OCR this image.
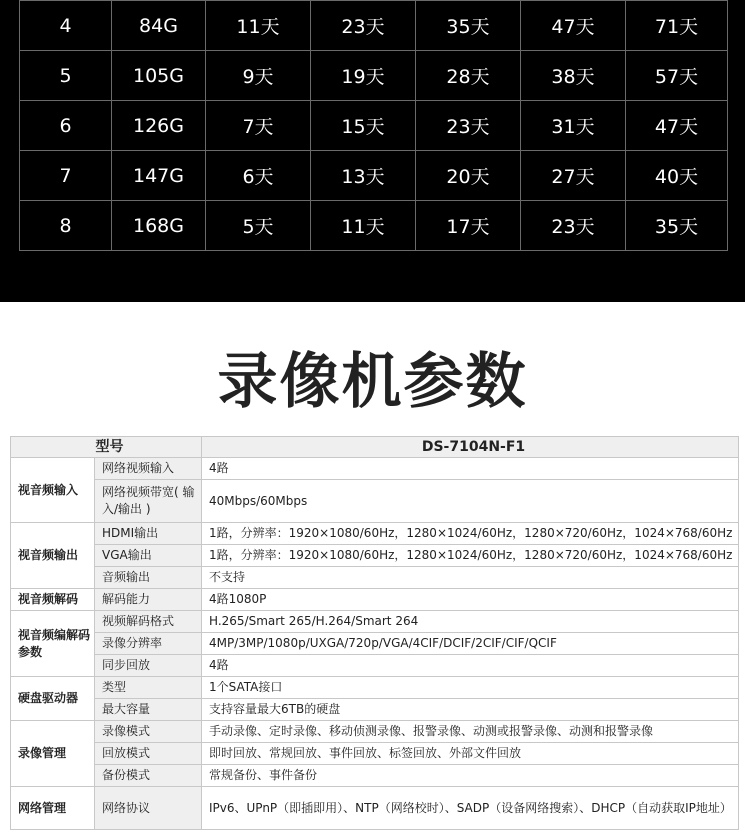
4	84G	11天	23天	35天	47天	71天
5	105G	9天	19天	28天	38天	57天
6	126G	7天	15天	23天	31天	47天
7	147G	6天	13天	20天	27天	40天
8	168G	5天	11天	17天	23天	35天
录像机参数
型号		DS-7104N-F1
视音频输入	网络视频输入	4路
	网络视频带宽( 输入/输出 )	40Mbps/60Mbps
视音频输出	HDMI输出	1路，分辨率：1920×1080/60Hz，1280×1024/60Hz，1280×720/60Hz，1024×768/60Hz
	VGA输出	1路，分辨率：1920×1080/60Hz，1280×1024/60Hz，1280×720/60Hz，1024×768/60Hz
	音频输出	不支持
视音频解码	解码能力	4路1080P
视音频编解码参数	视频解码格式	H.265/Smart 265/H.264/Smart 264
	录像分辨率	4MP/3MP/1080p/UXGA/720p/VGA/4CIF/DCIF/2CIF/CIF/QCIF
	同步回放	4路
硬盘驱动器	类型	1个SATA接口
	最大容量	支持容量最大6TB的硬盘
录像管理	录像模式	手动录像、定时录像、移动侦测录像、报警录像、动测或报警录像、动测和报警录像
	回放模式	即时回放、常规回放、事件回放、标签回放、外部文件回放
	备份模式	常规备份、事件备份
网络管理	网络协议	IPv6、UPnP（即插即用）、NTP（网络校时）、SADP（设备网络搜索）、DHCP（自动获取IP地址）
